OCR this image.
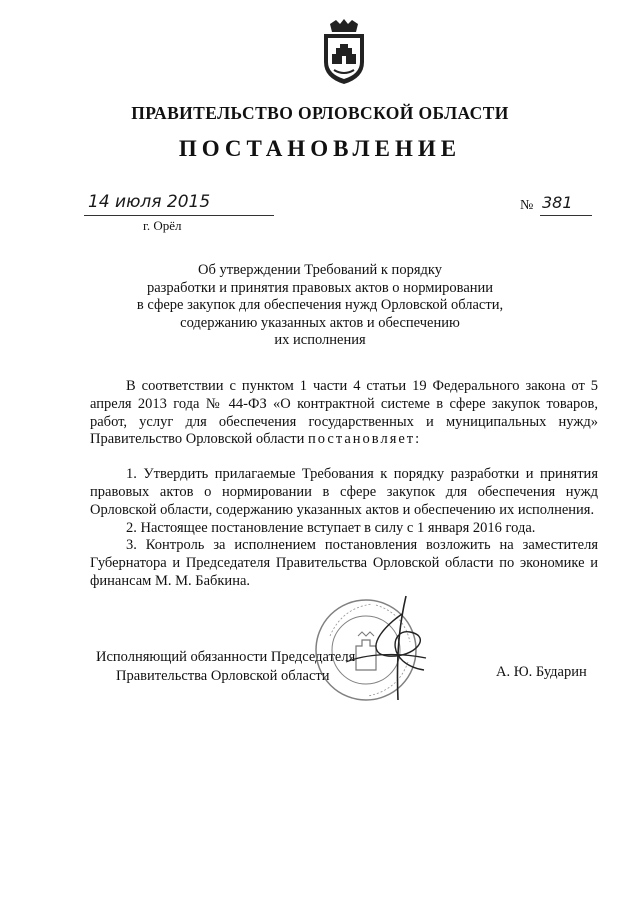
ПРАВИТЕЛЬСТВО ОРЛОВСКОЙ ОБЛАСТИ
ПОСТАНОВЛЕНИЕ
14 июля 2015
г. Орёл
№ 381
Об утверждении Требований к порядку
разработки и принятия правовых актов о нормировании
в сфере закупок для обеспечения нужд Орловской области,
содержанию указанных актов и обеспечению
их исполнения

В соответствии с пунктом 1 части 4 статьи 19 Федерального закона от 5 апреля 2013 года № 44-ФЗ «О контрактной системе в сфере закупок товаров, работ, услуг для обеспечения государственных и муниципальных нужд» Правительство Орловской области постановляет:

1. Утвердить прилагаемые Требования к порядку разработки и принятия правовых актов о нормировании в сфере закупок для обеспечения нужд Орловской области, содержанию указанных актов и обеспечению их исполнения.

2. Настоящее постановление вступает в силу с 1 января 2016 года.

3. Контроль за исполнением постановления возложить на заместителя Губернатора и Председателя Правительства Орловской области по экономике и финансам М. М. Бабкина.

Исполняющий обязанности Председателя
Правительства Орловской области	А. Ю. Бударин
